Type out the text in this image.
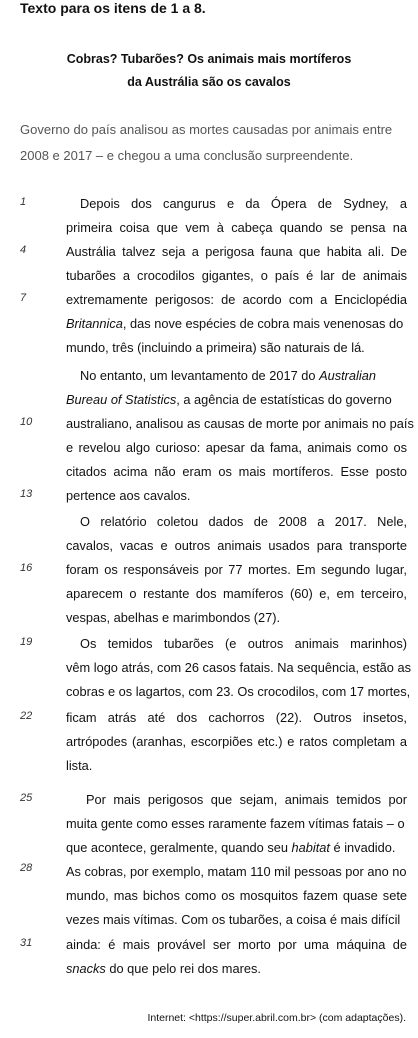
Texto para os itens de 1 a 8.
Cobras? Tubarões? Os animais mais mortíferos
da Austrália são os cavalos
Governo do país analisou as mortes causadas por animais entre
2008 e 2017 – e chegou a uma conclusão surpreendente.
1
4
7
10
13
16
19
22
25
28
31
Depois dos cangurus e da Ópera de Sydney, a
primeira coisa que vem à cabeça quando se pensa na
Austrália talvez seja a perigosa fauna que habita ali. De
tubarões a crocodilos gigantes, o país é lar de animais
extremamente perigosos: de acordo com a Enciclopédia
Britannica, das nove espécies de cobra mais venenosas do
mundo, três (incluindo a primeira) são naturais de lá.
No entanto, um levantamento de 2017 do Australian
Bureau of Statistics, a agência de estatísticas do governo
australiano, analisou as causas de morte por animais no país
e revelou algo curioso: apesar da fama, animais como os
citados acima não eram os mais mortíferos. Esse posto
pertence aos cavalos.
O relatório coletou dados de 2008 a 2017. Nele,
cavalos, vacas e outros animais usados para transporte
foram os responsáveis por 77 mortes. Em segundo lugar,
aparecem o restante dos mamíferos (60) e, em terceiro,
vespas, abelhas e marimbondos (27).
Os temidos tubarões (e outros animais marinhos)
vêm logo atrás, com 26 casos fatais. Na sequência, estão as
cobras e os lagartos, com 23. Os crocodilos, com 17 mortes,
ficam atrás até dos cachorros (22). Outros insetos,
artrópodes (aranhas, escorpiões etc.) e ratos completam a
lista.
Por mais perigosos que sejam, animais temidos por
muita gente como esses raramente fazem vítimas fatais – o
que acontece, geralmente, quando seu habitat é invadido.
As cobras, por exemplo, matam 110 mil pessoas por ano no
mundo, mas bichos como os mosquitos fazem quase sete
vezes mais vítimas. Com os tubarões, a coisa é mais difícil
ainda: é mais provável ser morto por uma máquina de
snacks do que pelo rei dos mares.
Internet: <https://super.abril.com.br> (com adaptações).
